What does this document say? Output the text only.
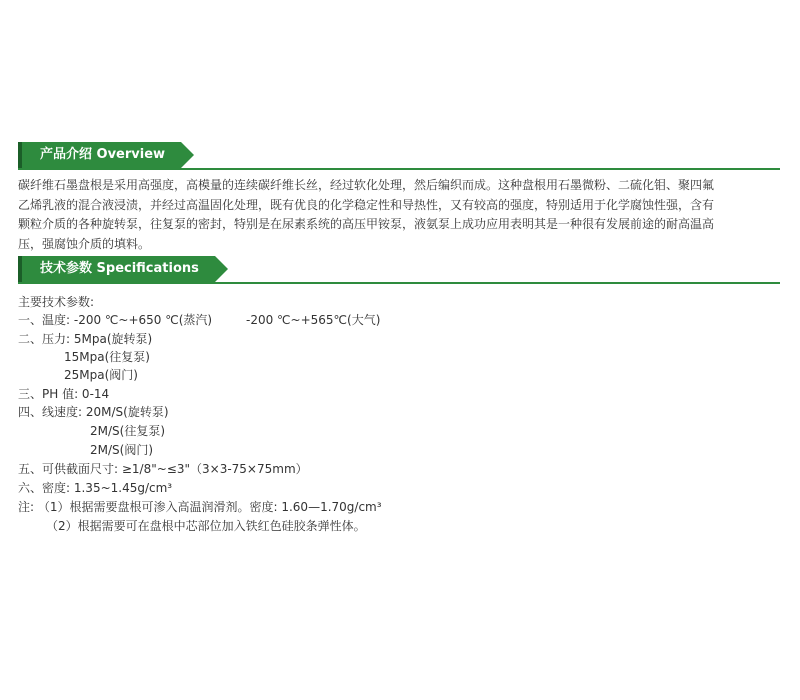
产品介绍 Overview
碳纤维石墨盘根是采用高强度，高模量的连续碳纤维长丝，经过软化处理，然后编织而成。这种盘根用石墨微粉、二硫化钼、聚四氟乙烯乳液的混合液浸渍，并经过高温固化处理，既有优良的化学稳定性和导热性，又有较高的强度，特别适用于化学腐蚀性强，含有颗粒介质的各种旋转泵，往复泵的密封，特别是在尿素系统的高压甲铵泵，液氨泵上成功应用表明其是一种很有发展前途的耐高温高压，强腐蚀介质的填料。
技术参数 Specifications
主要技术参数:
一、温度: -200 ℃~+650 ℃(蒸汽)	-200 ℃~+565℃(大气)
二、压力: 5Mpa(旋转泵)
15Mpa(往复泵)
25Mpa(阀门)
三、PH 值: 0-14
四、线速度: 20M/S(旋转泵)
2M/S(往复泵)
2M/S(阀门)
五、可供截面尺寸: ≥1/8"~≤3"（3×3-75×75mm）
六、密度: 1.35~1.45g/cm³
注: （1）根据需要盘根可渗入高温润滑剂。密度: 1.60—1.70g/cm³
（2）根据需要可在盘根中芯部位加入铁红色硅胶条弹性体。
